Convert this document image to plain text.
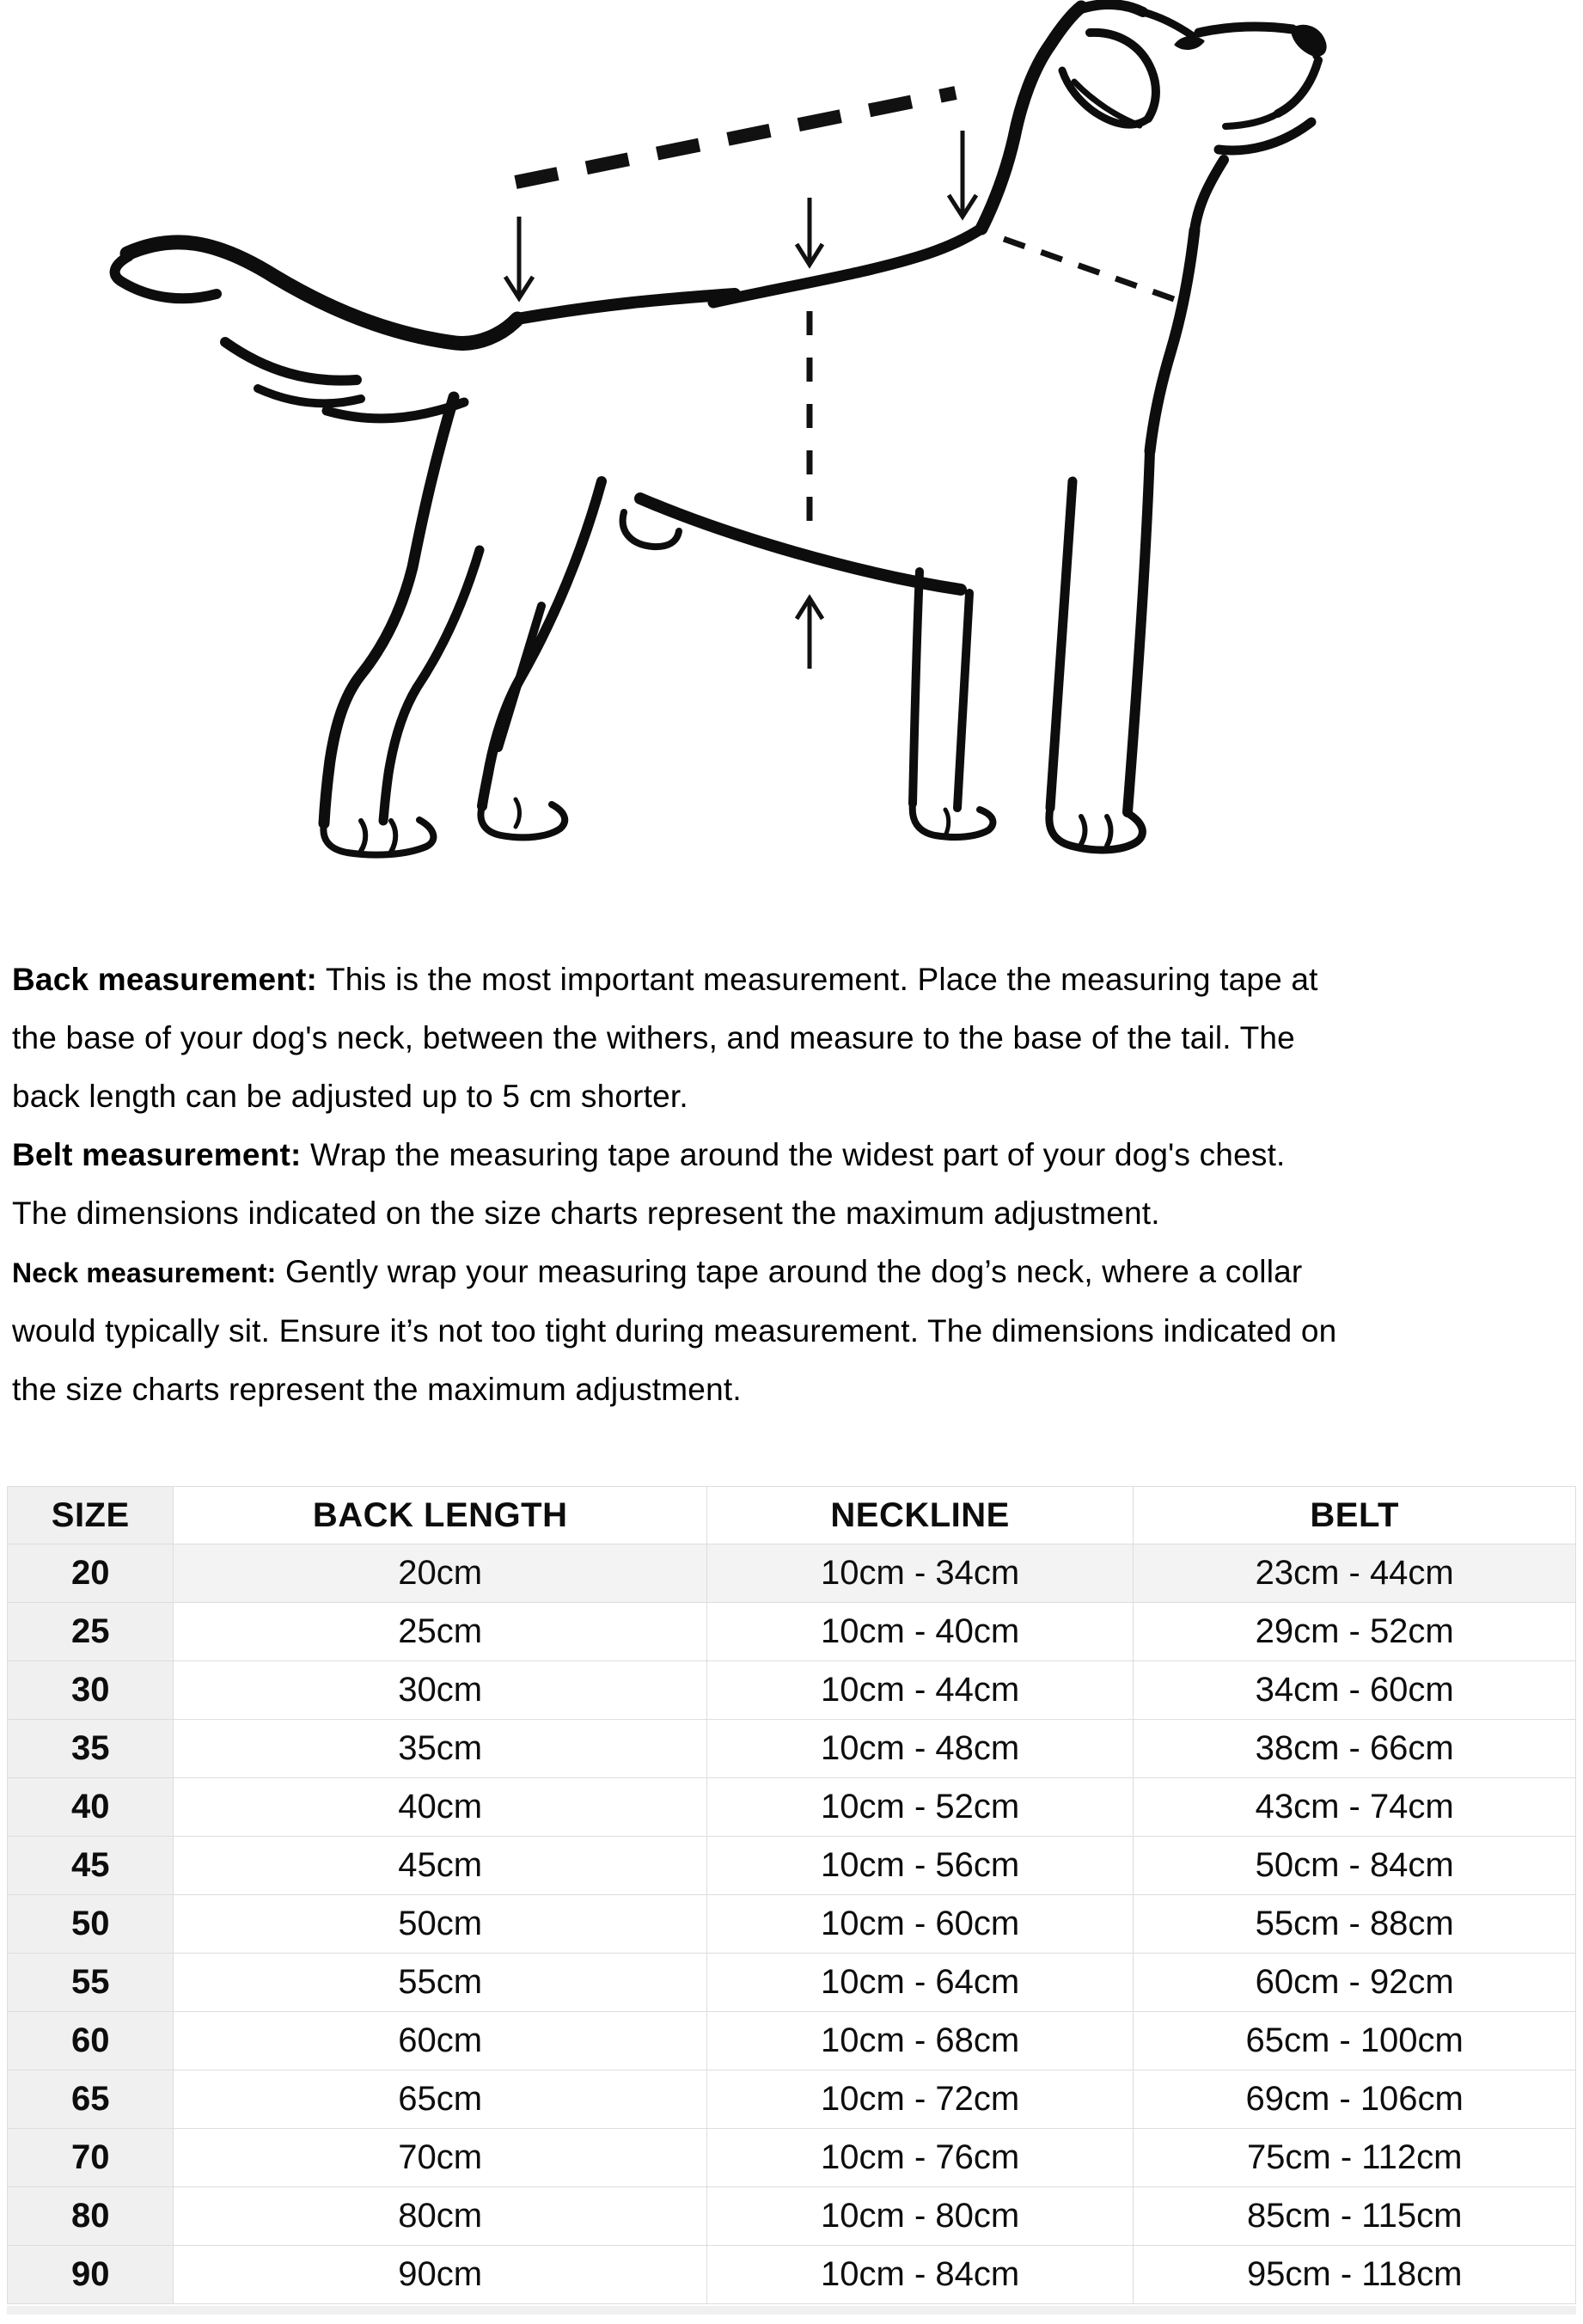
Back measurement: This is the most important measurement. Place the measuring tape at
the base of your dog's neck, between the withers, and measure to the base of the tail. The
back length can be adjusted up to 5 cm shorter.

Belt measurement: Wrap the measuring tape around the widest part of your dog's chest.
The dimensions indicated on the size charts represent the maximum adjustment.

Neck measurement: Gently wrap your measuring tape around the dog’s neck, where a collar
would typically sit. Ensure it’s not too tight during measurement. The dimensions indicated on
the size charts represent the maximum adjustment.

SIZE	BACK LENGTH	NECKLINE	BELT
20	20cm	10cm - 34cm	23cm - 44cm
25	25cm	10cm - 40cm	29cm - 52cm
30	30cm	10cm - 44cm	34cm - 60cm
35	35cm	10cm - 48cm	38cm - 66cm
40	40cm	10cm - 52cm	43cm - 74cm
45	45cm	10cm - 56cm	50cm - 84cm
50	50cm	10cm - 60cm	55cm - 88cm
55	55cm	10cm - 64cm	60cm - 92cm
60	60cm	10cm - 68cm	65cm - 100cm
65	65cm	10cm - 72cm	69cm - 106cm
70	70cm	10cm - 76cm	75cm - 112cm
80	80cm	10cm - 80cm	85cm - 115cm
90	90cm	10cm - 84cm	95cm - 118cm
